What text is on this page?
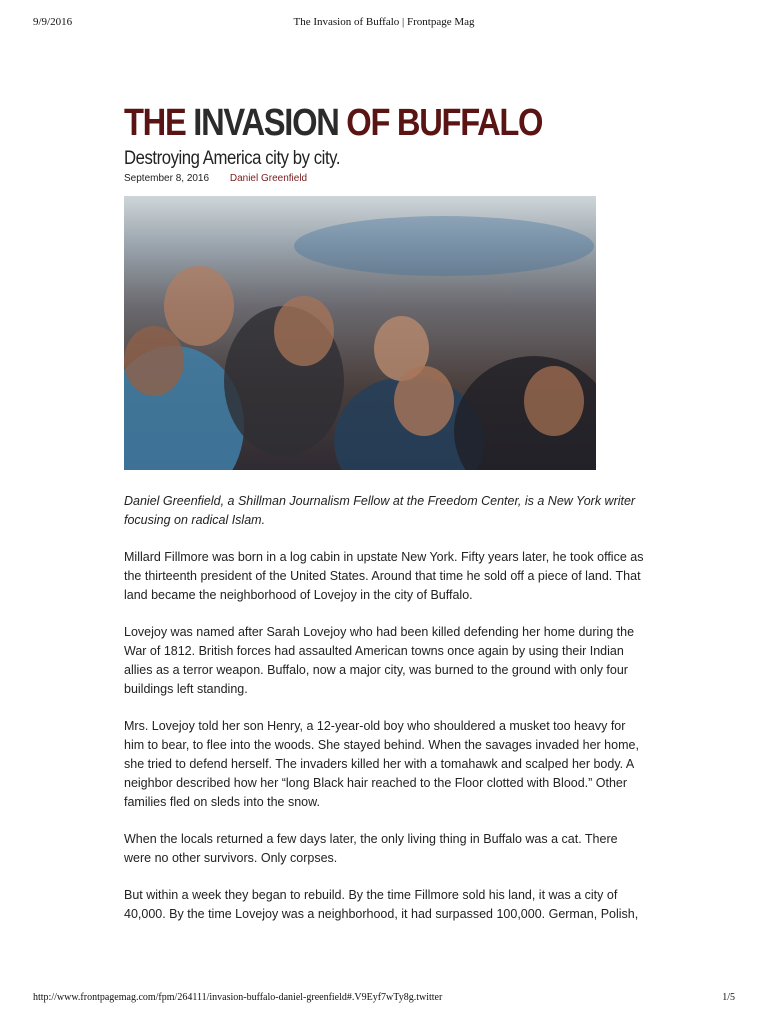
9/9/2016	The Invasion of Buffalo | Frontpage Mag
THE INVASION OF BUFFALO

Destroying America city by city.

September 8, 2016 Daniel Greenfield

Daniel Greenfield, a Shillman Journalism Fellow at the Freedom Center, is a New York writer focusing on radical Islam.

Millard Fillmore was born in a log cabin in upstate New York. Fifty years later, he took office as the thirteenth president of the United States. Around that time he sold off a piece of land. That land became the neighborhood of Lovejoy in the city of Buffalo.

Lovejoy was named after Sarah Lovejoy who had been killed defending her home during the War of 1812. British forces had assaulted American towns once again by using their Indian allies as a terror weapon. Buffalo, now a major city, was burned to the ground with only four buildings left standing.

Mrs. Lovejoy told her son Henry, a 12-year-old boy who shouldered a musket too heavy for him to bear, to flee into the woods. She stayed behind. When the savages invaded her home, she tried to defend herself. The invaders killed her with a tomahawk and scalped her body. A neighbor described how her “long Black hair reached to the Floor clotted with Blood.” Other families fled on sleds into the snow.

When the locals returned a few days later, the only living thing in Buffalo was a cat. There were no other survivors. Only corpses.

But within a week they began to rebuild. By the time Fillmore sold his land, it was a city of 40,000. By the time Lovejoy was a neighborhood, it had surpassed 100,000. German, Polish,

http://www.frontpagemag.com/fpm/264111/invasion-buffalo-daniel-greenfield#.V9Eyf7wTy8g.twitter	1/5
